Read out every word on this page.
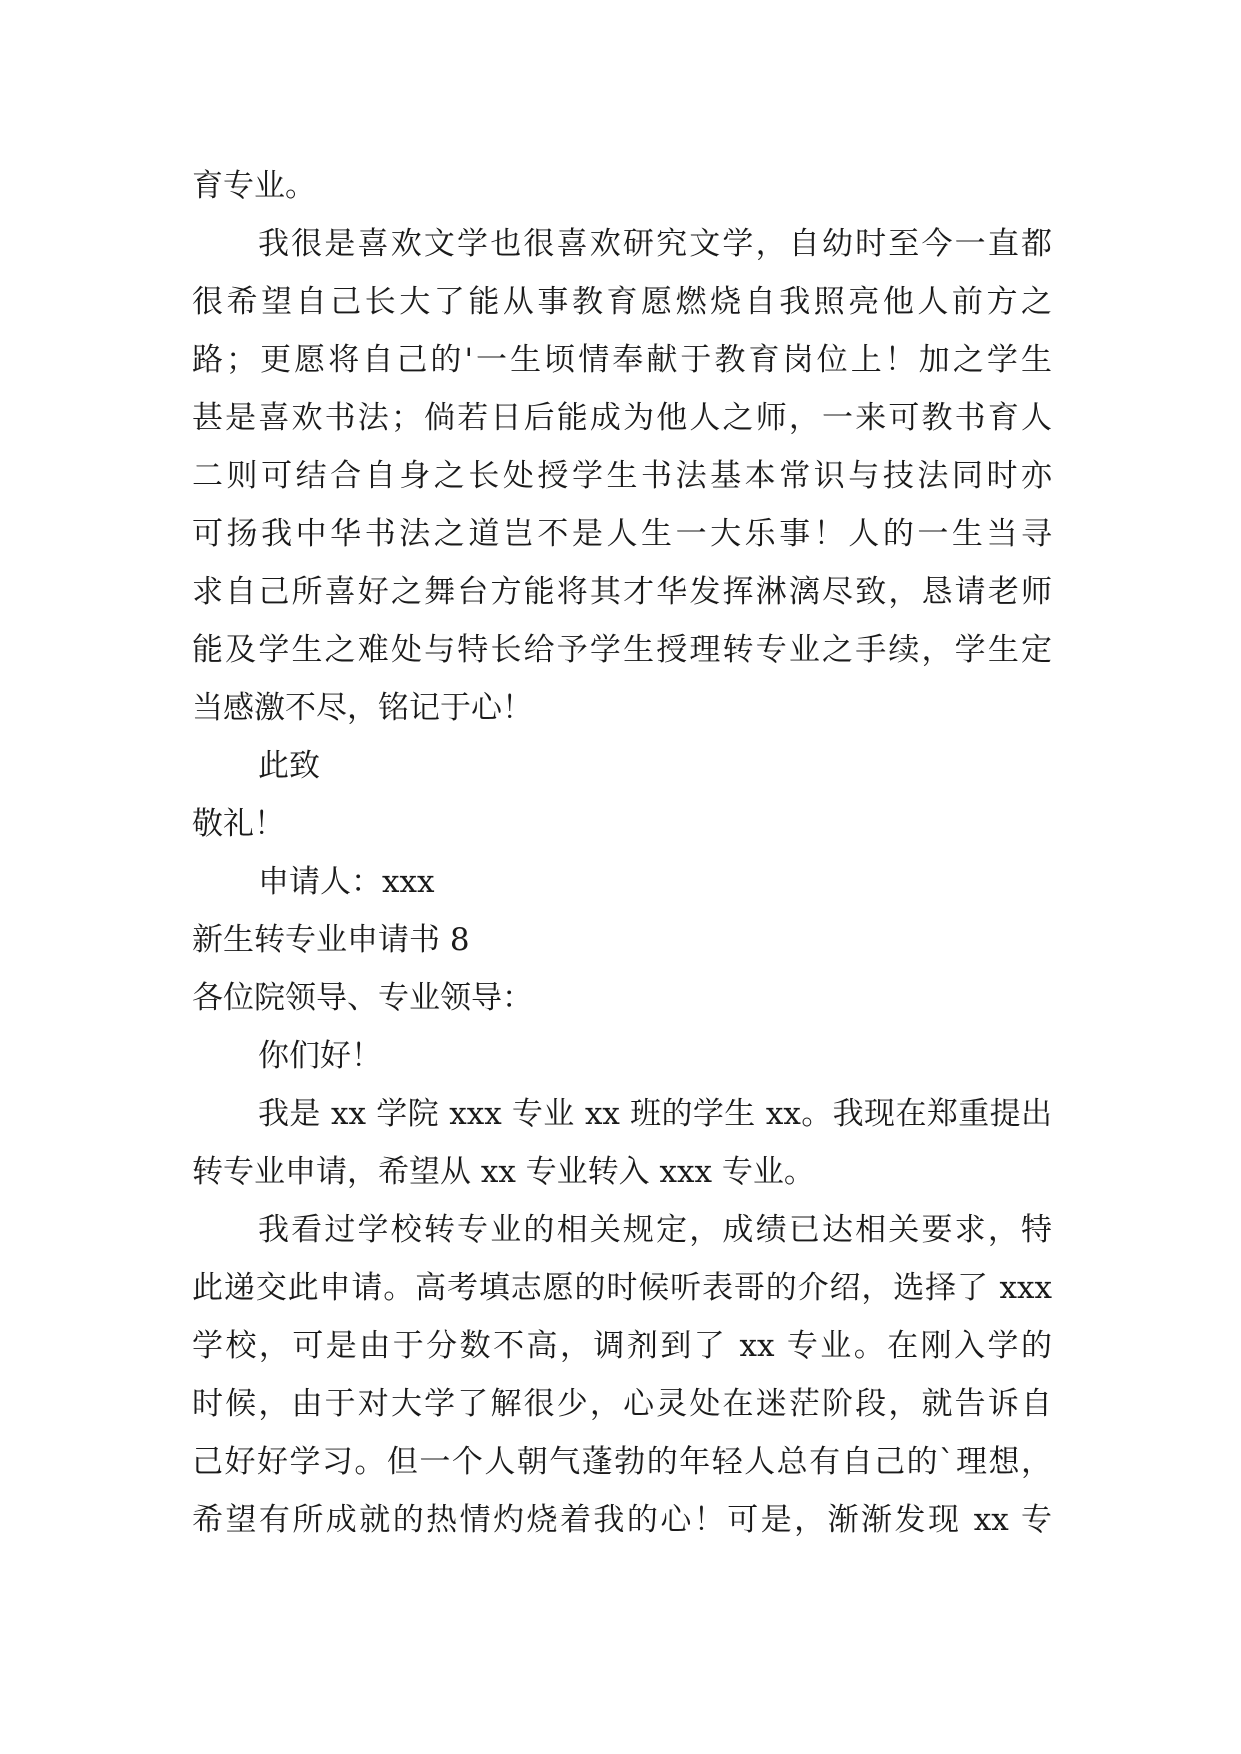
育专业。
我很是喜欢文学也很喜欢研究文学，自幼时至今一直都
很希望自己长大了能从事教育愿燃烧自我照亮他人前方之
路；更愿将自己的'一生顷情奉献于教育岗位上！加之学生
甚是喜欢书法；倘若日后能成为他人之师，一来可教书育人
二则可结合自身之长处授学生书法基本常识与技法同时亦
可扬我中华书法之道岂不是人生一大乐事！人的一生当寻
求自己所喜好之舞台方能将其才华发挥淋漓尽致，恳请老师
能及学生之难处与特长给予学生授理转专业之手续，学生定
当感激不尽，铭记于心！
此致
敬礼！
申请人：xxx
新生转专业申请书 8
各位院领导、专业领导：
你们好！
我是 xx 学院 xxx 专业 xx 班的学生 xx。我现在郑重提出
转专业申请，希望从 xx 专业转入 xxx 专业。
我看过学校转专业的相关规定，成绩已达相关要求，特
此递交此申请。高考填志愿的时候听表哥的介绍，选择了 xxx
学校，可是由于分数不高，调剂到了 xx 专业。在刚入学的
时候，由于对大学了解很少，心灵处在迷茫阶段，就告诉自
己好好学习。但一个人朝气蓬勃的年轻人总有自己的`理想，
希望有所成就的热情灼烧着我的心！可是，渐渐发现 xx 专
